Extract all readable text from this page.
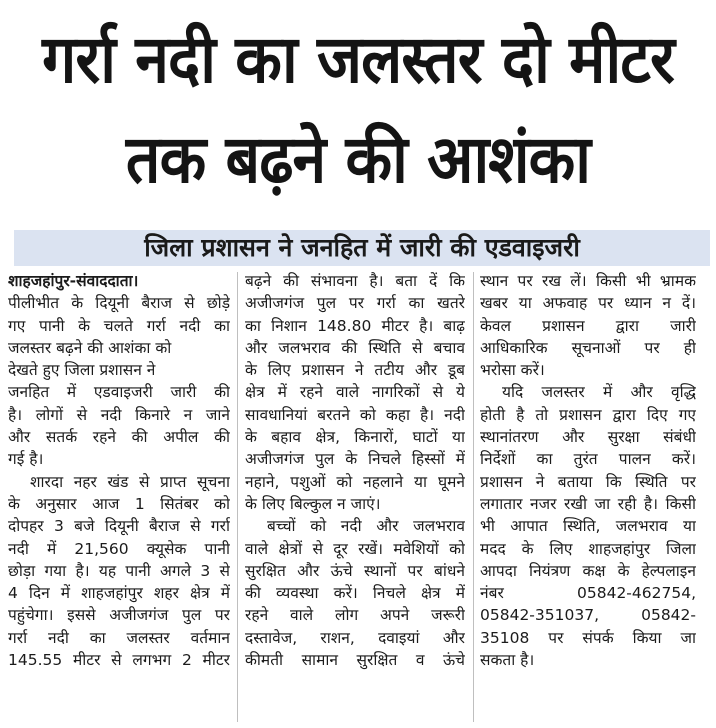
गर्रा नदी का जलस्तर दो मीटर
तक बढ़ने की आशंका
जिला प्रशासन ने जनहित में जारी की एडवाइजरी
शाहजहांपुर-संवाददाता।
पीलीभीत के दियूनी बैराज से छोड़े
गए पानी के चलते गर्रा नदी का
जलस्तर बढ़ने की आशंका को
देखते हुए जिला प्रशासन ने
जनहित में एडवाइजरी जारी की
है। लोगों से नदी किनारे न जाने
और सतर्क रहने की अपील की
गई है।
शारदा नहर खंड से प्राप्त सूचना
के अनुसार आज 1 सितंबर को
दोपहर 3 बजे दियूनी बैराज से गर्रा
नदी में 21,560 क्यूसेक पानी
छोड़ा गया है। यह पानी अगले 3 से
4 दिन में शाहजहांपुर शहर क्षेत्र में
पहुंचेगा। इससे अजीजगंज पुल पर
गर्रा नदी का जलस्तर वर्तमान
145.55 मीटर से लगभग 2 मीटर
बढ़ने की संभावना है। बता दें कि
अजीजगंज पुल पर गर्रा का खतरे
का निशान 148.80 मीटर है। बाढ़
और जलभराव की स्थिति से बचाव
के लिए प्रशासन ने तटीय और डूब
क्षेत्र में रहने वाले नागरिकों से ये
सावधानियां बरतने को कहा है। नदी
के बहाव क्षेत्र, किनारों, घाटों या
अजीजगंज पुल के निचले हिस्सों में
नहाने, पशुओं को नहलाने या घूमने
के लिए बिल्कुल न जाएं।
बच्चों को नदी और जलभराव
वाले क्षेत्रों से दूर रखें। मवेशियों को
सुरक्षित और ऊंचे स्थानों पर बांधने
की व्यवस्था करें। निचले क्षेत्र में
रहने वाले लोग अपने जरूरी
दस्तावेज, राशन, दवाइयां और
कीमती सामान सुरक्षित व ऊंचे
स्थान पर रख लें। किसी भी भ्रामक
खबर या अफवाह पर ध्यान न दें।
केवल प्रशासन द्वारा जारी
आधिकारिक सूचनाओं पर ही
भरोसा करें।
यदि जलस्तर में और वृद्धि
होती है तो प्रशासन द्वारा दिए गए
स्थानांतरण और सुरक्षा संबंधी
निर्देशों का तुरंत पालन करें।
प्रशासन ने बताया कि स्थिति पर
लगातार नजर रखी जा रही है। किसी
भी आपात स्थिति, जलभराव या
मदद के लिए शाहजहांपुर जिला
आपदा नियंत्रण कक्ष के हेल्पलाइन
नंबर 05842-462754,
05842-351037, 05842-
35108 पर संपर्क किया जा
सकता है।
